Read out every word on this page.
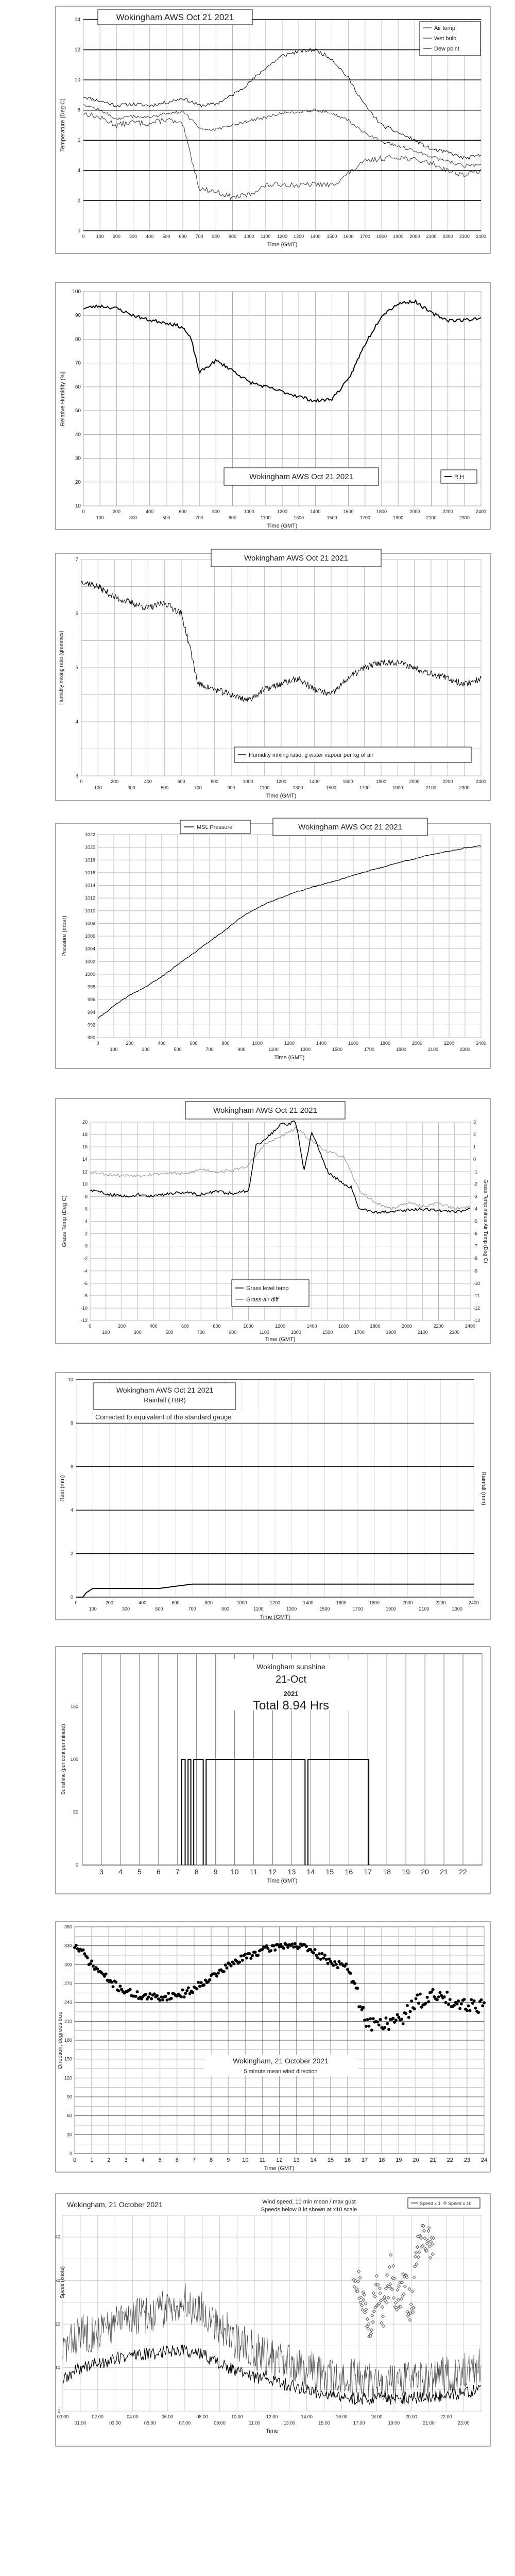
0 100 200 300 400 500 600 700 800 900 1000 1100 1200 1300 1400 1500 1600 1700 1800 1900 2000 2100 2200 2300 2400
0
2
4
6
8
10
12
14	Wokingham AWS Oct 21 2021
Air temp
Wet bulb
Dew point
Time (GMT)
Temperature (Deg C)
10
20
30
40
50
60
70
80
90
100
0	200	400	600	800	1000	1200	1400	1600	1800	2000	2200	2400
100	300	500	700	900	1100	1300	1500	1700	1900	2100	2300
Wokingham AWS Oct 21 2021	R.H
Time (GMT)
Relative Humidity (%)
3
4
5
6
7
0	200	400	600	800	1000	1200	1400	1600	1800	2000	2200	2400
100	300	500	700	900	1100	1300	1500	1700	1900	2100	2300
Wokingham AWS Oct 21 2021
Humidity mixing ratio, g water vapour per kg of air
Time (GMT)
Humidity mixing ratio (grammes)
990
992
994
996
998
1000
1002
1004
1006
1008
1010
1012
1014
1016
1018
1020
1022
0	200	400	600	800	1000	1200	1400	1600	1800	2000	2200	2400
100	300	500	700	900	1100	1300	1500	1700	1900	2100	2300
MSL Pressure	Wokingham AWS Oct 21 2021
Time (GMT)
Pressure (mbar)
-12
-10
-8
-6
-4
-2
0
2
4
6
8
10
12
14
16
18
20
-13
-12
-11
-10
-9
-8
-7
-6
-5
-4
-3
-2
-1
0
1
2
3
0	200	400	600	800	1000	1200	1400	1600	1800	2000	2200	2400
100	300	500	700	900	1100	1300	1500	1700	1900	2100	2300
Wokingham AWS Oct 21 2021
Grass level temp
Grass-air diff
Time (GMT)
Grass Temp (Deg C)	Grass Temp minus Air Temp (Deg C)
0
2
4
6
8
10
0	200	400	600	800	1000	1200	1400	1600	1800	2000	2200	2400
100	300	500	700	900	1100	1300	1500	1700	1900	2100	2300
Wokingham AWS Oct 21 2021
Rainfall (TBR)
Corrected to equivalent of the standard gauge
Time (GMT)
Rain (mm)	Rainfall (mm)
0
50
100
150
3 4 5 6 7 8 9 10 11 12 13 14 15 16 17 18 19 20 21 22
Wokingham sunshine
21-Oct
2021
Total 8.94 Hrs
Time (GMT)
Sunshine (per cent per minute)
0
30
60
90
120
150
180
210
240
270
300
330
360
0 1 2 3 4 5 6 7 8 9 10 11 12 13 14 15 16 17 18 19 20 21 22 23 24
Wokingham, 21 October 2021
5 minute mean wind direction
Time (GMT)
Direction, degrees true
0
10
20
30
40
00:00	02:00	04:00	06:00	08:00	10:00	12:00	14:00	16:00	18:00	20:00	22:00
01:00	03:00	05:00	07:00	09:00	11:00	13:00	15:00	17:00	19:00	21:00	23:00
Wokingham, 21 October 2021	Wind speed, 10 min mean / max gust
Speeds below 8 kt shown at x10 scale
Speed x 1 Speed x 10
Time
Speed (knots)
